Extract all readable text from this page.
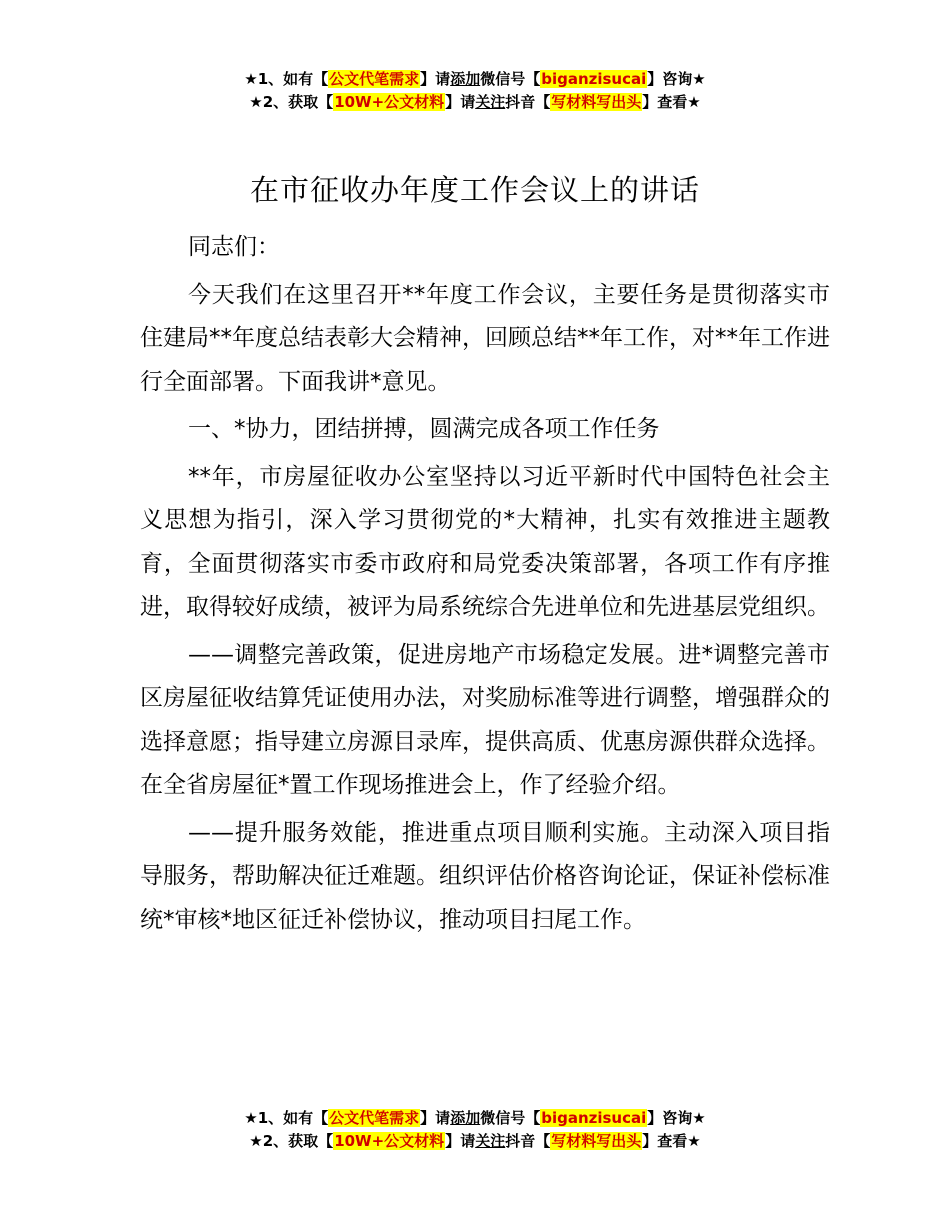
★1、如有【公文代笔需求】请添加微信号【biganzisucai】咨询★
★2、获取【10W+公文材料】请关注抖音【写材料写出头】查看★
在市征收办年度工作会议上的讲话

同志们：

今天我们在这里召开**年度工作会议，主要任务是贯彻落实市住建局**年度总结表彰大会精神，回顾总结**年工作，对**年工作进行全面部署。下面我讲*意见。

一、*协力，团结拼搏，圆满完成各项工作任务

**年，市房屋征收办公室坚持以习近平新时代中国特色社会主义思想为指引，深入学习贯彻党的*大精神，扎实有效推进主题教育，全面贯彻落实市委市政府和局党委决策部署，各项工作有序推进，取得较好成绩，被评为局系统综合先进单位和先进基层党组织。

——调整完善政策，促进房地产市场稳定发展。进*调整完善市区房屋征收结算凭证使用办法，对奖励标准等进行调整，增强群众的选择意愿；指导建立房源目录库，提供高质、优惠房源供群众选择。在全省房屋征*置工作现场推进会上，作了经验介绍。

——提升服务效能，推进重点项目顺利实施。主动深入项目指导服务，帮助解决征迁难题。组织评估价格咨询论证，保证补偿标准统*审核*地区征迁补偿协议，推动项目扫尾工作。

★1、如有【公文代笔需求】请添加微信号【biganzisucai】咨询★
★2、获取【10W+公文材料】请关注抖音【写材料写出头】查看★
